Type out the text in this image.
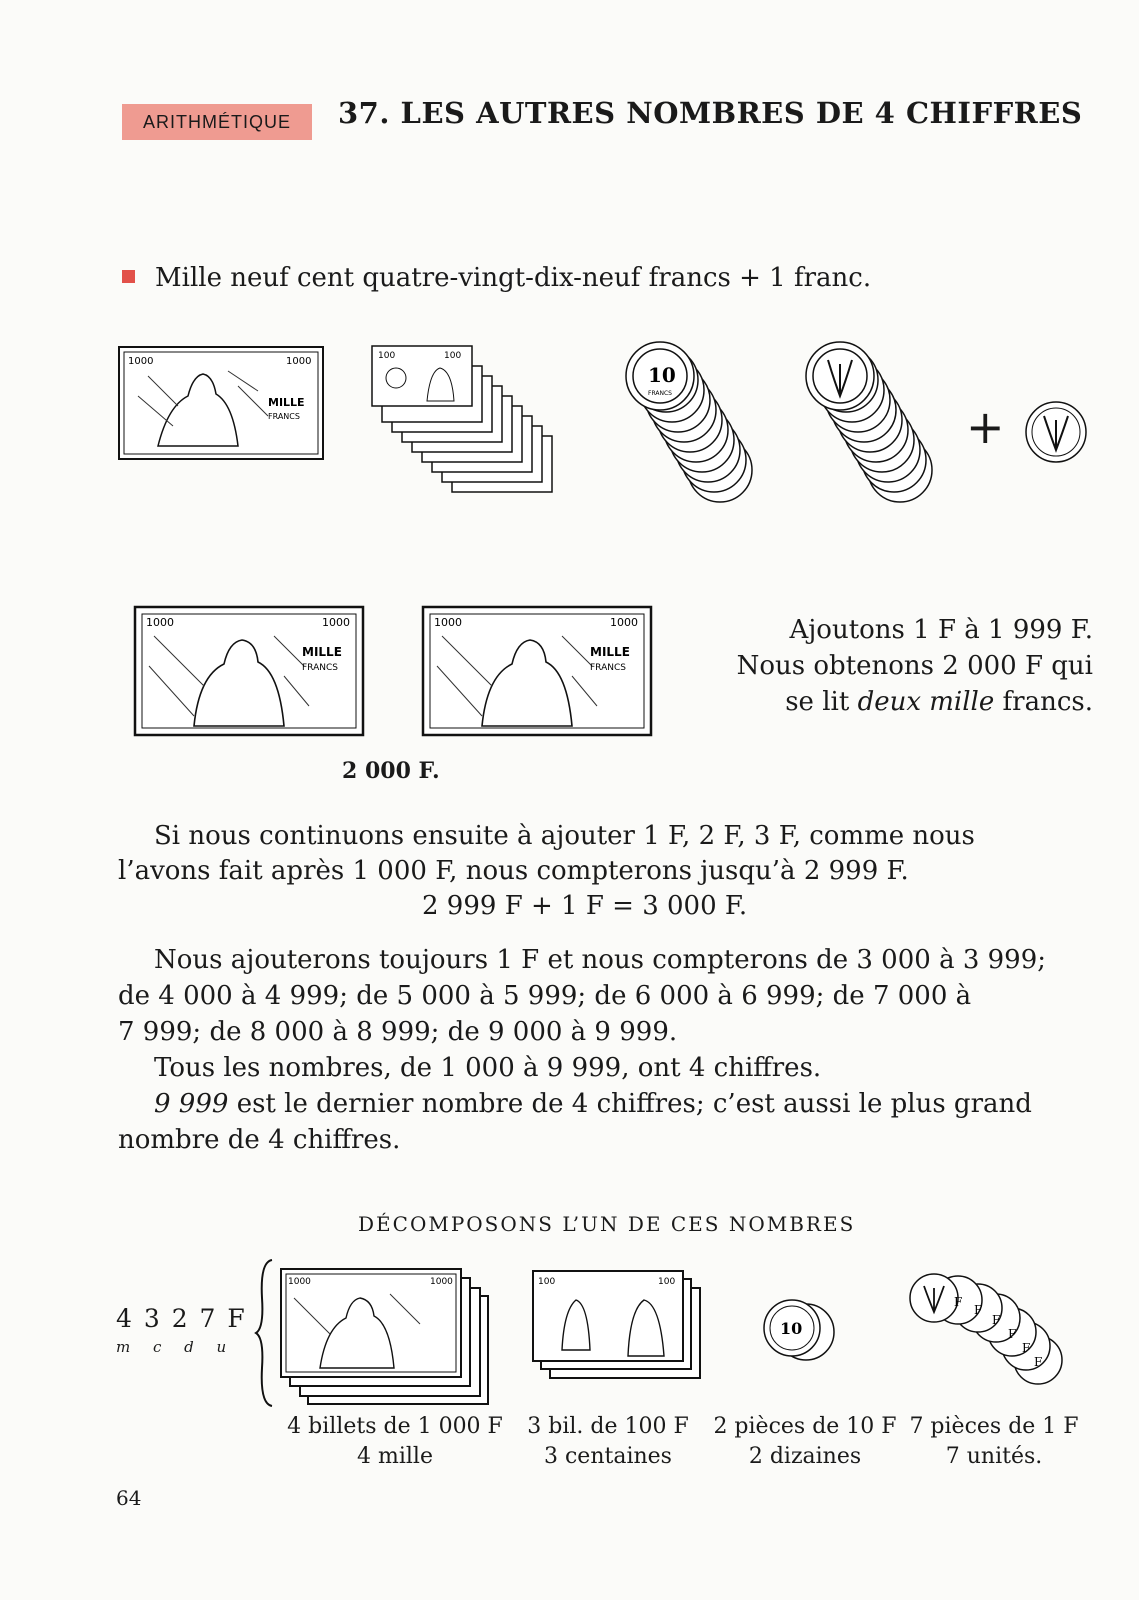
ARITHMÉTIQUE	37. LES AUTRES NOMBRES DE 4 CHIFFRES
Mille neuf cent quatre-vingt-dix-neuf francs + 1 franc.
1000	1000
MILLE
FRANCS
100	100
10
FRANCS
+
1000	1000
MILLE
FRANCS
1000	1000
MILLE
FRANCS
2 000 F.
Ajoutons 1 F à 1 999 F.
Nous obtenons 2 000 F qui
se lit deux mille francs.
Si nous continuons ensuite à ajouter 1 F, 2 F, 3 F, comme nous
l’avons fait après 1 000 F, nous compterons jusqu’à 2 999 F.
2 999 F + 1 F = 3 000 F.
Nous ajouterons toujours 1 F et nous compterons de 3 000 à 3 999;
de 4 000 à 4 999; de 5 000 à 5 999; de 6 000 à 6 999; de 7 000 à
7 999; de 8 000 à 8 999; de 9 000 à 9 999.
Tous les nombres, de 1 000 à 9 999, ont 4 chiffres.
9 999 est le dernier nombre de 4 chiffres; c’est aussi le plus grand
nombre de 4 chiffres.
DÉCOMPOSONS L’UN DE CES NOMBRES
4 3 2 7 F
m c d u
1000	1000	100	100
10
F
F
F
F
F
F
4 billets de 1 000 F
4 mille
3 bil. de 100 F
3 centaines
2 pièces de 10 F
2 dizaines
7 pièces de 1 F
7 unités.
64
